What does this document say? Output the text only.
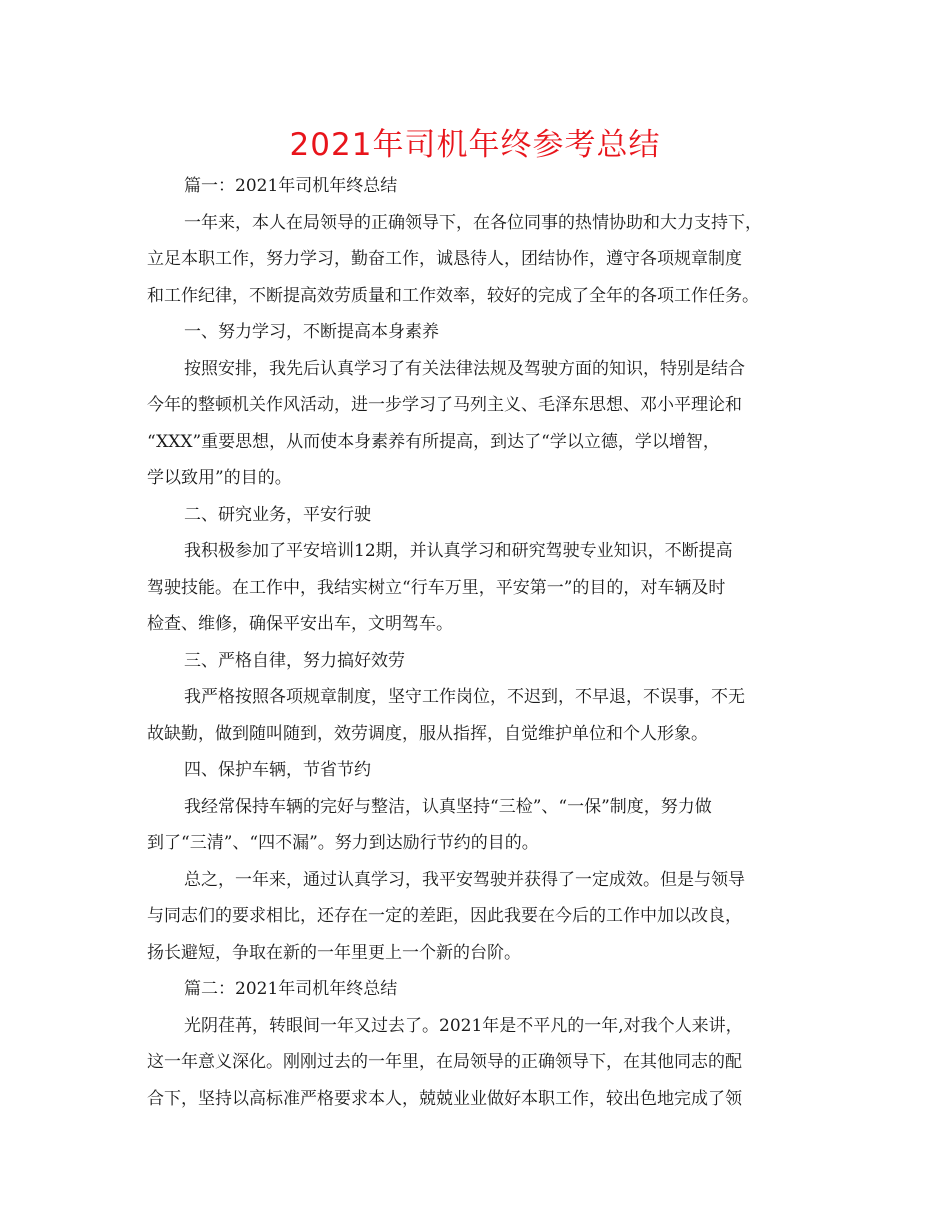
2021年司机年终参考总结
篇一：2021年司机年终总结
一年来，本人在局领导的正确领导下，在各位同事的热情协助和大力支持下，
立足本职工作，努力学习，勤奋工作，诚恳待人，团结协作，遵守各项规章制度
和工作纪律，不断提高效劳质量和工作效率，较好的完成了全年的各项工作任务。
一、努力学习，不断提高本身素养
按照安排，我先后认真学习了有关法律法规及驾驶方面的知识，特别是结合
今年的整顿机关作风活动，进一步学习了马列主义、毛泽东思想、邓小平理论和
“XXX”重要思想，从而使本身素养有所提高，到达了“学以立德，学以增智，
学以致用”的目的。
二、研究业务，平安行驶
我积极参加了平安培训12期，并认真学习和研究驾驶专业知识，不断提高
驾驶技能。在工作中，我结实树立“行车万里，平安第一”的目的，对车辆及时
检查、维修，确保平安出车，文明驾车。
三、严格自律，努力搞好效劳
我严格按照各项规章制度，坚守工作岗位，不迟到，不早退，不误事，不无
故缺勤，做到随叫随到，效劳调度，服从指挥，自觉维护单位和个人形象。
四、保护车辆，节省节约
我经常保持车辆的完好与整洁，认真坚持“三检”、“一保”制度，努力做
到了“三清”、“四不漏”。努力到达励行节约的目的。
总之，一年来，通过认真学习，我平安驾驶并获得了一定成效。但是与领导
与同志们的要求相比，还存在一定的差距，因此我要在今后的工作中加以改良，
扬长避短，争取在新的一年里更上一个新的台阶。
篇二：2021年司机年终总结
光阴荏苒，转眼间一年又过去了。2021年是不平凡的一年,对我个人来讲，
这一年意义深化。刚刚过去的一年里，在局领导的正确领导下，在其他同志的配
合下，坚持以高标准严格要求本人，兢兢业业做好本职工作，较出色地完成了领
